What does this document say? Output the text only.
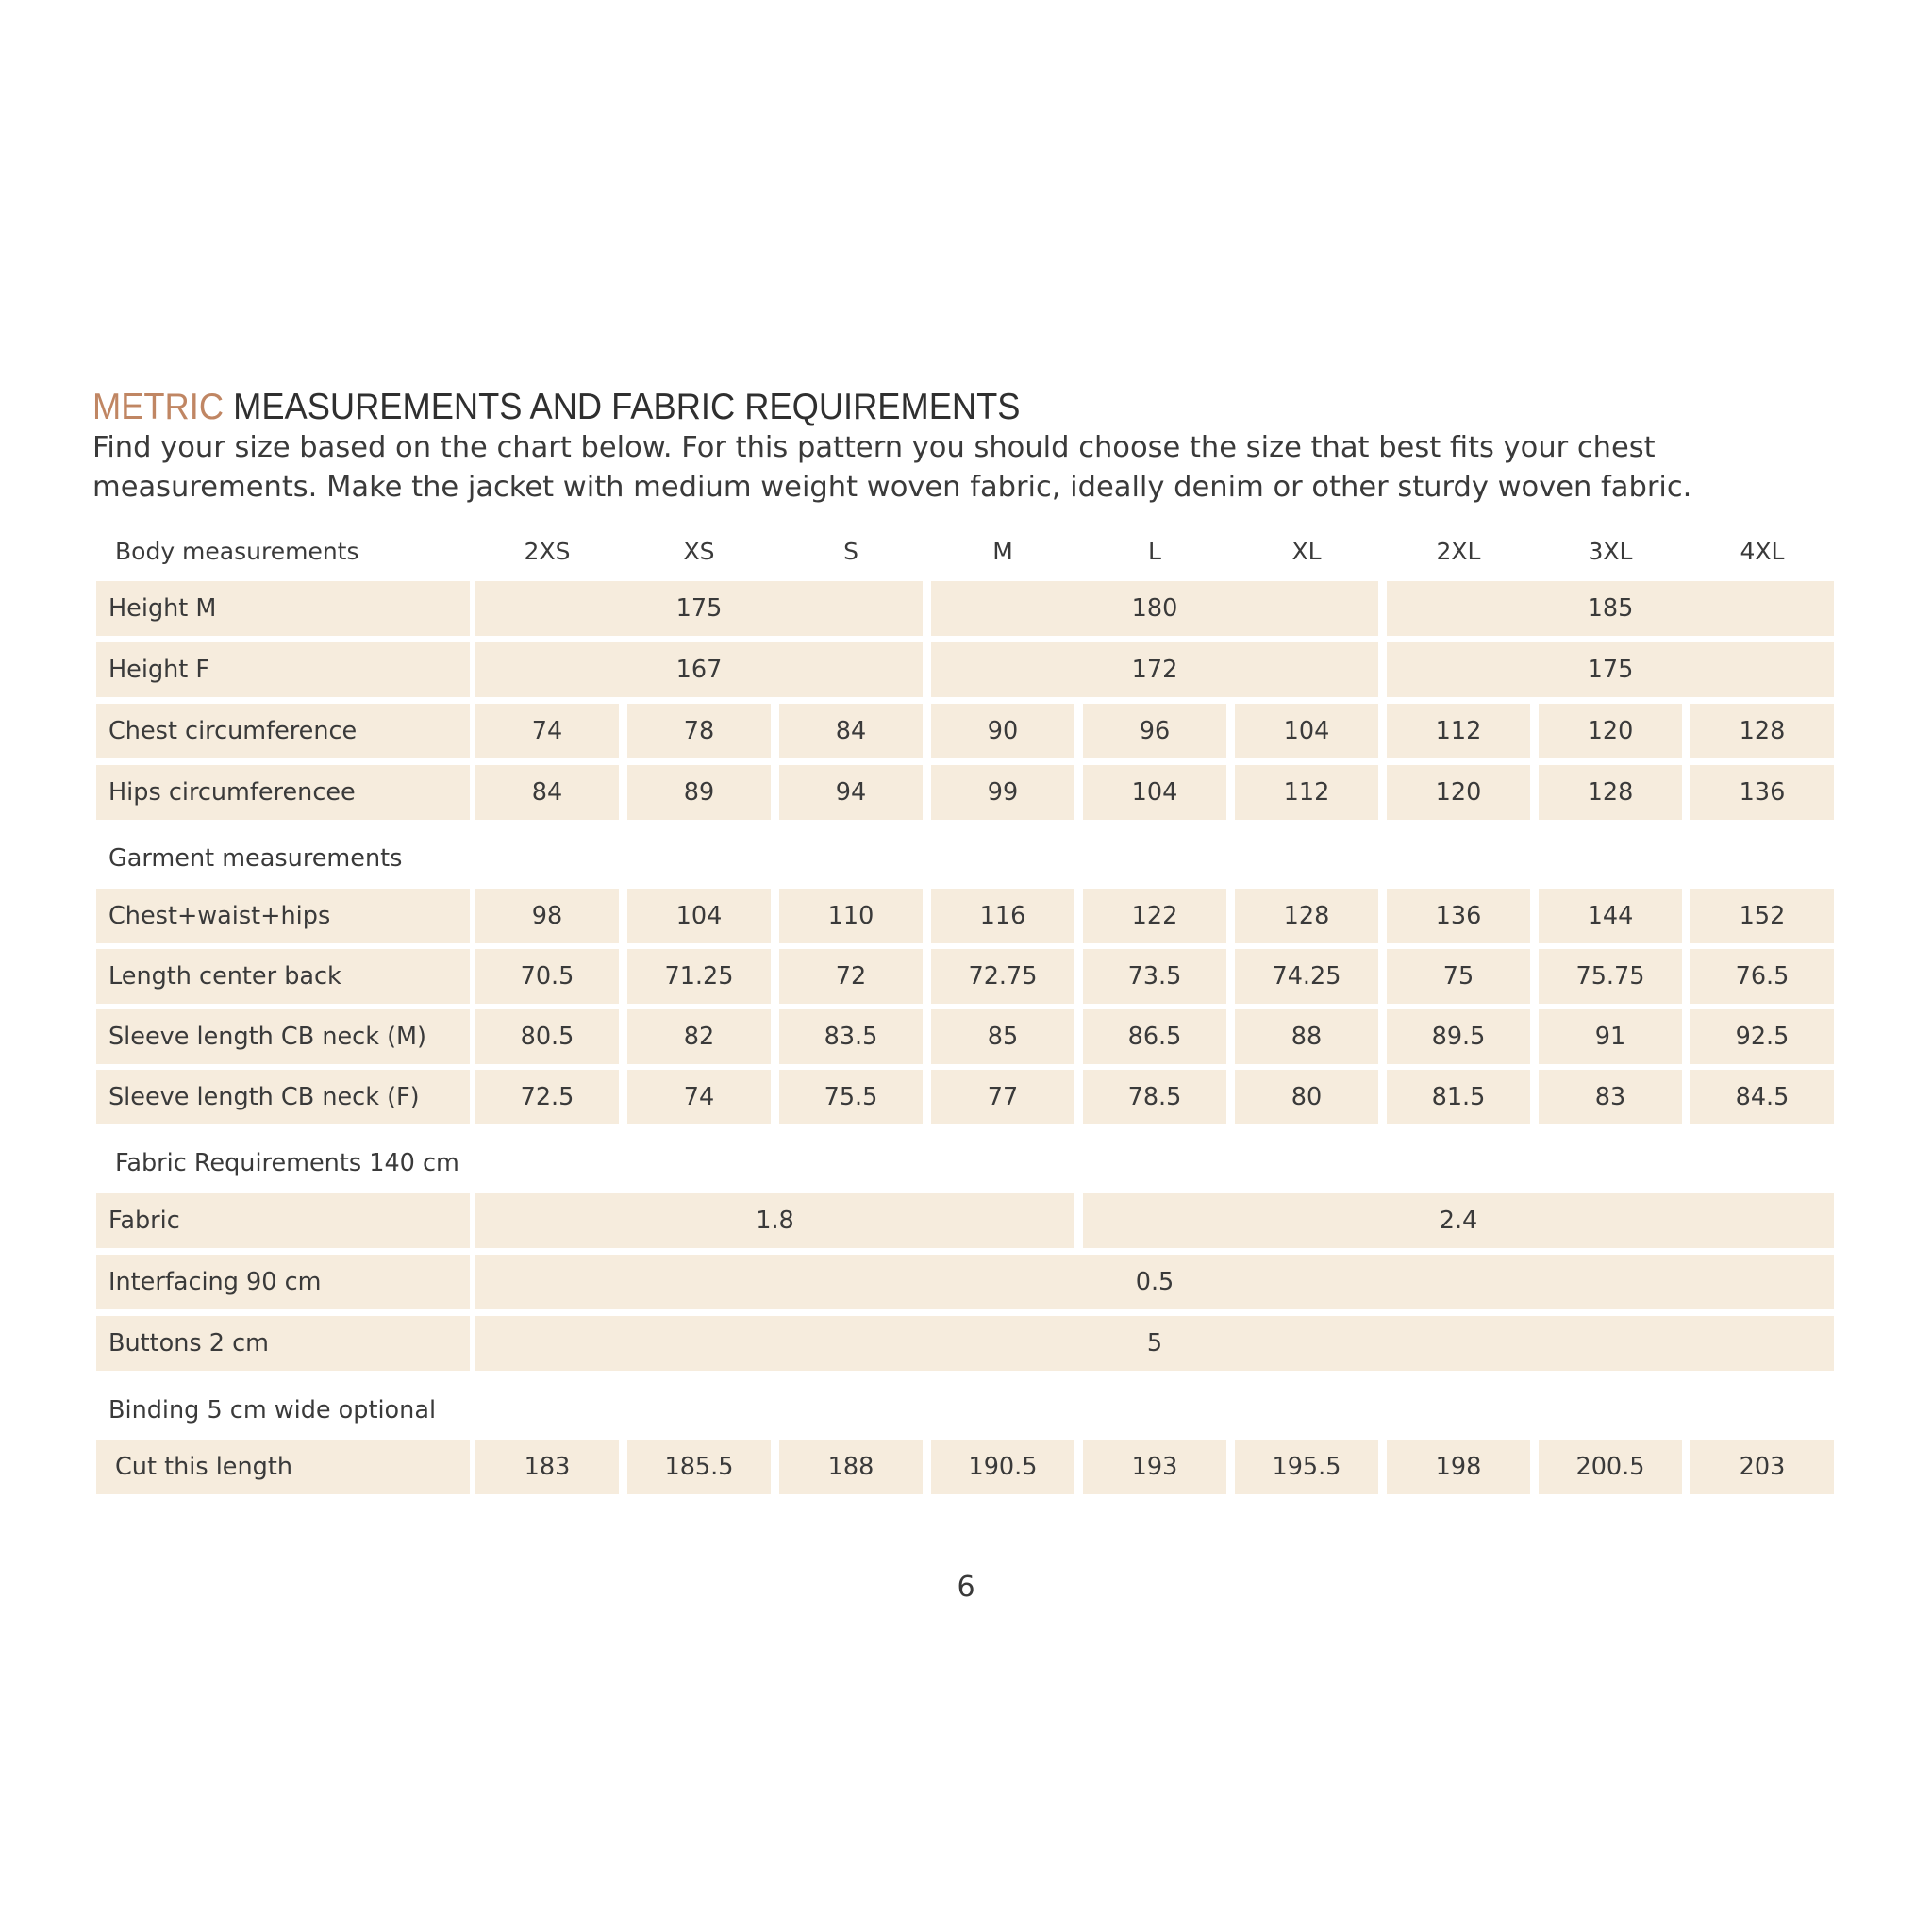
METRIC MEASUREMENTS AND FABRIC REQUIREMENTS

Find your size based on the chart below. For this pattern you should choose the size that best fits your chest
measurements. Make the jacket with medium weight woven fabric, ideally denim or other sturdy woven fabric.

Body measurements	2XS	XS	S	M	L	XL	2XL	3XL	4XL
Height M	175	180	185
Height F	167	172	175
Chest circumference	74	78	84	90	96	104	112	120	128
Hips circumferencee	84	89	94	99	104	112	120	128	136
Garment measurements
Chest+waist+hips	98	104	110	116	122	128	136	144	152
Length center back	70.5	71.25	72	72.75	73.5	74.25	75	75.75	76.5
Sleeve length CB neck (M)	80.5	82	83.5	85	86.5	88	89.5	91	92.5
Sleeve length CB neck (F)	72.5	74	75.5	77	78.5	80	81.5	83	84.5
Fabric Requirements 140 cm
Fabric	1.8	2.4
Interfacing 90 cm	0.5
Buttons 2 cm	5
Binding 5 cm wide optional
Cut this length	183	185.5	188	190.5	193	195.5	198	200.5	203
6
